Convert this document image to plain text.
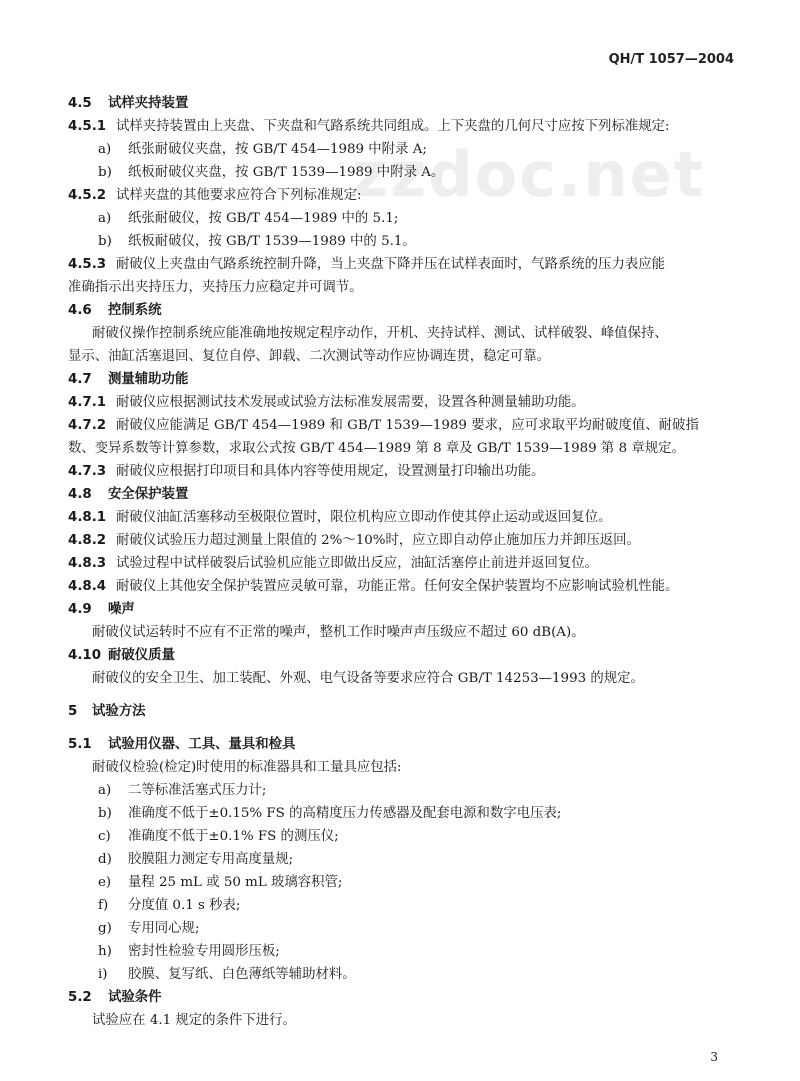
zzdoc.net
QH/T 1057—2004
4.5 试样夹持装置
4.5.1 试样夹持装置由上夹盘、下夹盘和气路系统共同组成。上下夹盘的几何尺寸应按下列标准规定:
a) 纸张耐破仪夹盘，按 GB/T 454—1989 中附录 A;
b) 纸板耐破仪夹盘，按 GB/T 1539—1989 中附录 A。
4.5.2 试样夹盘的其他要求应符合下列标准规定:
a) 纸张耐破仪，按 GB/T 454—1989 中的 5.1;
b) 纸板耐破仪，按 GB/T 1539—1989 中的 5.1。
4.5.3 耐破仪上夹盘由气路系统控制升降，当上夹盘下降并压在试样表面时，气路系统的压力表应能
准确指示出夹持压力，夹持压力应稳定并可调节。
4.6 控制系统
耐破仪操作控制系统应能准确地按规定程序动作，开机、夹持试样、测试、试样破裂、峰值保持、
显示、油缸活塞退回、复位自停、卸载、二次测试等动作应协调连贯，稳定可靠。
4.7 测量辅助功能
4.7.1 耐破仪应根据测试技术发展或试验方法标准发展需要，设置各种测量辅助功能。
4.7.2 耐破仪应能满足 GB/T 454—1989 和 GB/T 1539—1989 要求，应可求取平均耐破度值、耐破指
数、变异系数等计算参数，求取公式按 GB/T 454—1989 第 8 章及 GB/T 1539—1989 第 8 章规定。
4.7.3 耐破仪应根据打印项目和具体内容等使用规定，设置测量打印输出功能。
4.8 安全保护装置
4.8.1 耐破仪油缸活塞移动至极限位置时，限位机构应立即动作使其停止运动或返回复位。
4.8.2 耐破仪试验压力超过测量上限值的 2%～10%时，应立即自动停止施加压力并卸压返回。
4.8.3 试验过程中试样破裂后试验机应能立即做出反应，油缸活塞停止前进并返回复位。
4.8.4 耐破仪上其他安全保护装置应灵敏可靠，功能正常。任何安全保护装置均不应影响试验机性能。
4.9 噪声
耐破仪试运转时不应有不正常的噪声，整机工作时噪声声压级应不超过 60 dB(A)。
4.10 耐破仪质量
耐破仪的安全卫生、加工装配、外观、电气设备等要求应符合 GB/T 14253—1993 的规定。
5 试验方法
5.1 试验用仪器、工具、量具和检具
耐破仪检验(检定)时使用的标准器具和工量具应包括:
a) 二等标准活塞式压力计;
b) 准确度不低于±0.15% FS 的高精度压力传感器及配套电源和数字电压表;
c) 准确度不低于±0.1% FS 的测压仪;
d) 胶膜阻力测定专用高度量规;
e) 量程 25 mL 或 50 mL 玻璃容积管;
f) 分度值 0.1 s 秒表;
g) 专用同心规;
h) 密封性检验专用圆形压板;
i) 胶膜、复写纸、白色薄纸等辅助材料。
5.2 试验条件
试验应在 4.1 规定的条件下进行。
3
